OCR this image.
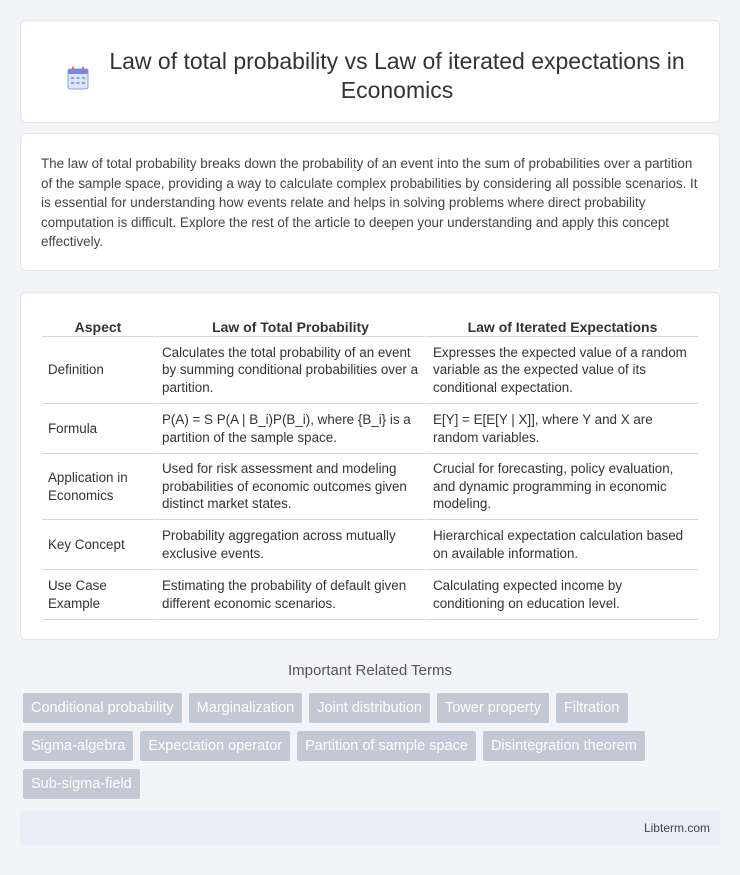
Law of total probability vs Law of iterated expectations in Economics

The law of total probability breaks down the probability of an event into the sum of probabilities over a partition of the sample space, providing a way to calculate complex probabilities by considering all possible scenarios. It is essential for understanding how events relate and helps in solving problems where direct probability computation is difficult. Explore the rest of the article to deepen your understanding and apply this concept effectively.

Aspect	Law of Total Probability	Law of Iterated Expectations
Definition	Calculates the total probability of an event by summing conditional probabilities over a partition.	Expresses the expected value of a random variable as the expected value of its conditional expectation.
Formula	P(A) = S P(A | B_i)P(B_i), where {B_i} is a partition of the sample space.	E[Y] = E[E[Y | X]], where Y and X are random variables.
Application in Economics	Used for risk assessment and modeling probabilities of economic outcomes given distinct market states.	Crucial for forecasting, policy evaluation, and dynamic programming in economic modeling.
Key Concept	Probability aggregation across mutually exclusive events.	Hierarchical expectation calculation based on available information.
Use Case Example	Estimating the probability of default given different economic scenarios.	Calculating expected income by conditioning on education level.
Important Related Terms
Conditional probability	Marginalization	Joint distribution	Tower property	Filtration
Sigma-algebra	Expectation operator	Partition of sample space	Disintegration theorem
Sub-sigma-field
Libterm.com
